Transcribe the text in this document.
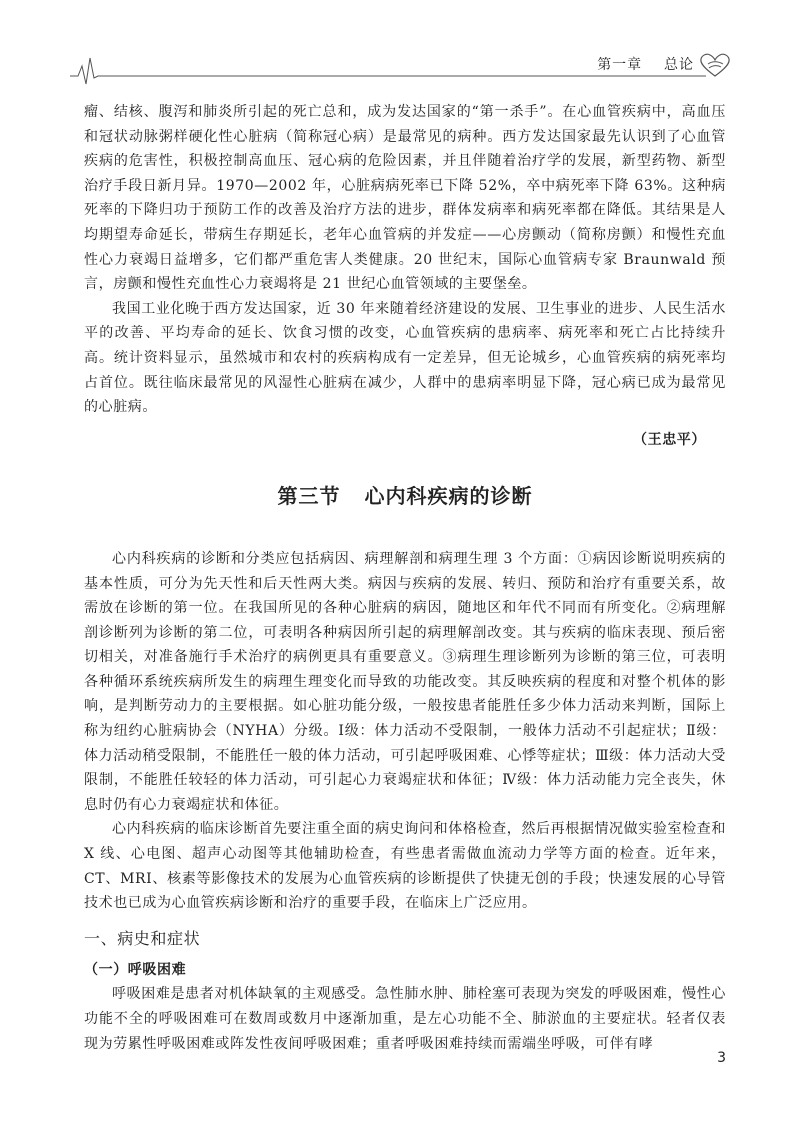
第一章 总论

瘤、结核、腹泻和肺炎所引起的死亡总和，成为发达国家的“第一杀手”。在心血管疾病中，高血压和冠状动脉粥样硬化性心脏病（简称冠心病）是最常见的病种。西方发达国家最先认识到了心血管疾病的危害性，积极控制高血压、冠心病的危险因素，并且伴随着治疗学的发展，新型药物、新型治疗手段日新月异。1970—2002 年，心脏病病死率已下降 52%，卒中病死率下降 63%。这种病死率的下降归功于预防工作的改善及治疗方法的进步，群体发病率和病死率都在降低。其结果是人均期望寿命延长，带病生存期延长，老年心血管病的并发症——心房颤动（简称房颤）和慢性充血性心力衰竭日益增多，它们都严重危害人类健康。20 世纪末，国际心血管病专家 Braunwald 预言，房颤和慢性充血性心力衰竭将是 21 世纪心血管领域的主要堡垒。

我国工业化晚于西方发达国家，近 30 年来随着经济建设的发展、卫生事业的进步、人民生活水平的改善、平均寿命的延长、饮食习惯的改变，心血管疾病的患病率、病死率和死亡占比持续升高。统计资料显示，虽然城市和农村的疾病构成有一定差异，但无论城乡，心血管疾病的病死率均占首位。既往临床最常见的风湿性心脏病在减少，人群中的患病率明显下降，冠心病已成为最常见的心脏病。

（王忠平）
第三节 心内科疾病的诊断

心内科疾病的诊断和分类应包括病因、病理解剖和病理生理 3 个方面：①病因诊断说明疾病的基本性质，可分为先天性和后天性两大类。病因与疾病的发展、转归、预防和治疗有重要关系，故需放在诊断的第一位。在我国所见的各种心脏病的病因，随地区和年代不同而有所变化。②病理解剖诊断列为诊断的第二位，可表明各种病因所引起的病理解剖改变。其与疾病的临床表现、预后密切相关，对准备施行手术治疗的病例更具有重要意义。③病理生理诊断列为诊断的第三位，可表明各种循环系统疾病所发生的病理生理变化而导致的功能改变。其反映疾病的程度和对整个机体的影响，是判断劳动力的主要根据。如心脏功能分级，一般按患者能胜任多少体力活动来判断，国际上称为纽约心脏病协会（NYHA）分级。Ⅰ级：体力活动不受限制，一般体力活动不引起症状；Ⅱ级：体力活动稍受限制，不能胜任一般的体力活动，可引起呼吸困难、心悸等症状；Ⅲ级：体力活动大受限制，不能胜任较轻的体力活动，可引起心力衰竭症状和体征；Ⅳ级：体力活动能力完全丧失，休息时仍有心力衰竭症状和体征。

心内科疾病的临床诊断首先要注重全面的病史询问和体格检查，然后再根据情况做实验室检查和 X 线、心电图、超声心动图等其他辅助检查，有些患者需做血流动力学等方面的检查。近年来，CT、MRI、核素等影像技术的发展为心血管疾病的诊断提供了快捷无创的手段；快速发展的心导管技术也已成为心血管疾病诊断和治疗的重要手段，在临床上广泛应用。

一、病史和症状
（一）呼吸困难

呼吸困难是患者对机体缺氧的主观感受。急性肺水肿、肺栓塞可表现为突发的呼吸困难，慢性心功能不全的呼吸困难可在数周或数月中逐渐加重，是左心功能不全、肺淤血的主要症状。轻者仅表现为劳累性呼吸困难或阵发性夜间呼吸困难；重者呼吸困难持续而需端坐呼吸，可伴有哮

3
